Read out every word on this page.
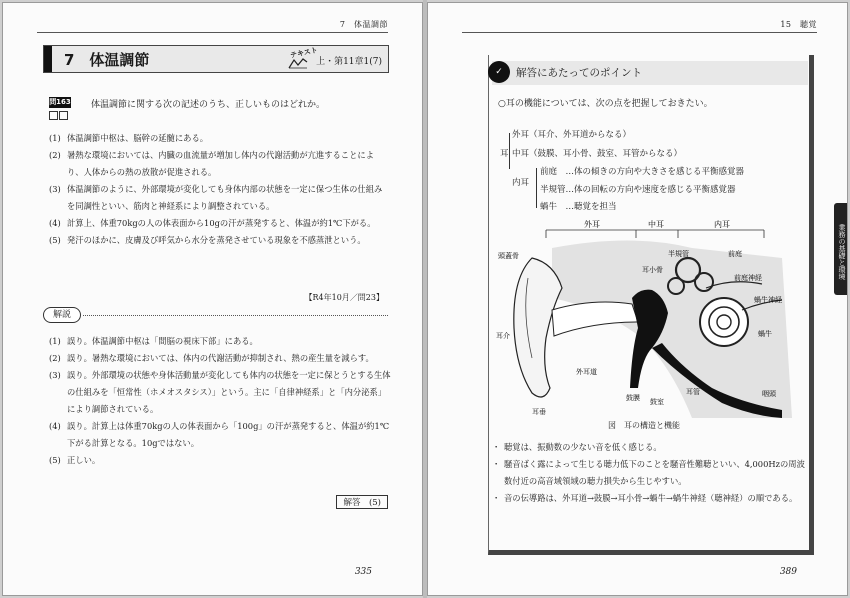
7　体温調節
7　体温調節	テキスト
上・第11章1(7)
問163 体温調節に関する次の記述のうち、正しいものはどれか。
(1) 体温調節中枢は、脳幹の延髄にある。
(2) 暑熱な環境においては、内臓の血流量が増加し体内の代謝活動が亢進することにより、人体からの熱の放散が促進される。
(3) 体温調節のように、外部環境が変化しても身体内部の状態を一定に保つ生体の仕組みを同調性といい、筋肉と神経系により調整されている。
(4) 計算上、体重70kgの人の体表面から10gの汗が蒸発すると、体温が約1℃下がる。
(5) 発汗のほかに、皮膚及び呼気から水分を蒸発させている現象を不感蒸泄という。
【R4年10月／問23】
解説
(1) 誤り。体温調節中枢は「間脳の視床下部」にある。
(2) 誤り。暑熱な環境においては、体内の代謝活動が抑制され、熱の産生量を減らす。
(3) 誤り。外部環境の状態や身体活動量が変化しても体内の状態を一定に保とうとする生体の仕組みを「恒常性（ホメオスタシス）」という。主に「自律神経系」と「内分泌系」により調節されている。
(4) 誤り。計算上は体重70kgの人の体表面から「100g」の汗が蒸発すると、体温が約1℃下がる計算となる。10gではない。
(5) 正しい。
解答　(5)
335
15　聴覚
✓	解答にあたってのポイント
○耳の機能については、次の点を把握しておきたい。
耳
外耳（耳介、外耳道からなる）
中耳（鼓膜、耳小骨、鼓室、耳管からなる）
内耳
前庭　…体の傾きの方向や大きさを感じる平衡感覚器
半規管…体の回転の方向や速度を感じる平衡感覚器
蝸牛　…聴覚を担当
外耳	中耳	内耳
頭蓋骨	半規管	前庭
耳小骨
前庭神経
蝸牛神経
蝸牛
耳介
外耳道
鼓膜 鼓室
耳管	咽頭
耳垂
図　耳の構造と機能
・ 聴覚は、振動数の少ない音を低く感じる。
・ 騒音ばく露によって生じる聴力低下のことを騒音性難聴といい、4,000Hzの周波数付近の高音域領域の聴力損失から生じやすい。
・ 音の伝導路は、外耳道→鼓膜→耳小骨→蝸牛→蝸牛神経（聴神経）の順である。
業務の基礎と環境
389
